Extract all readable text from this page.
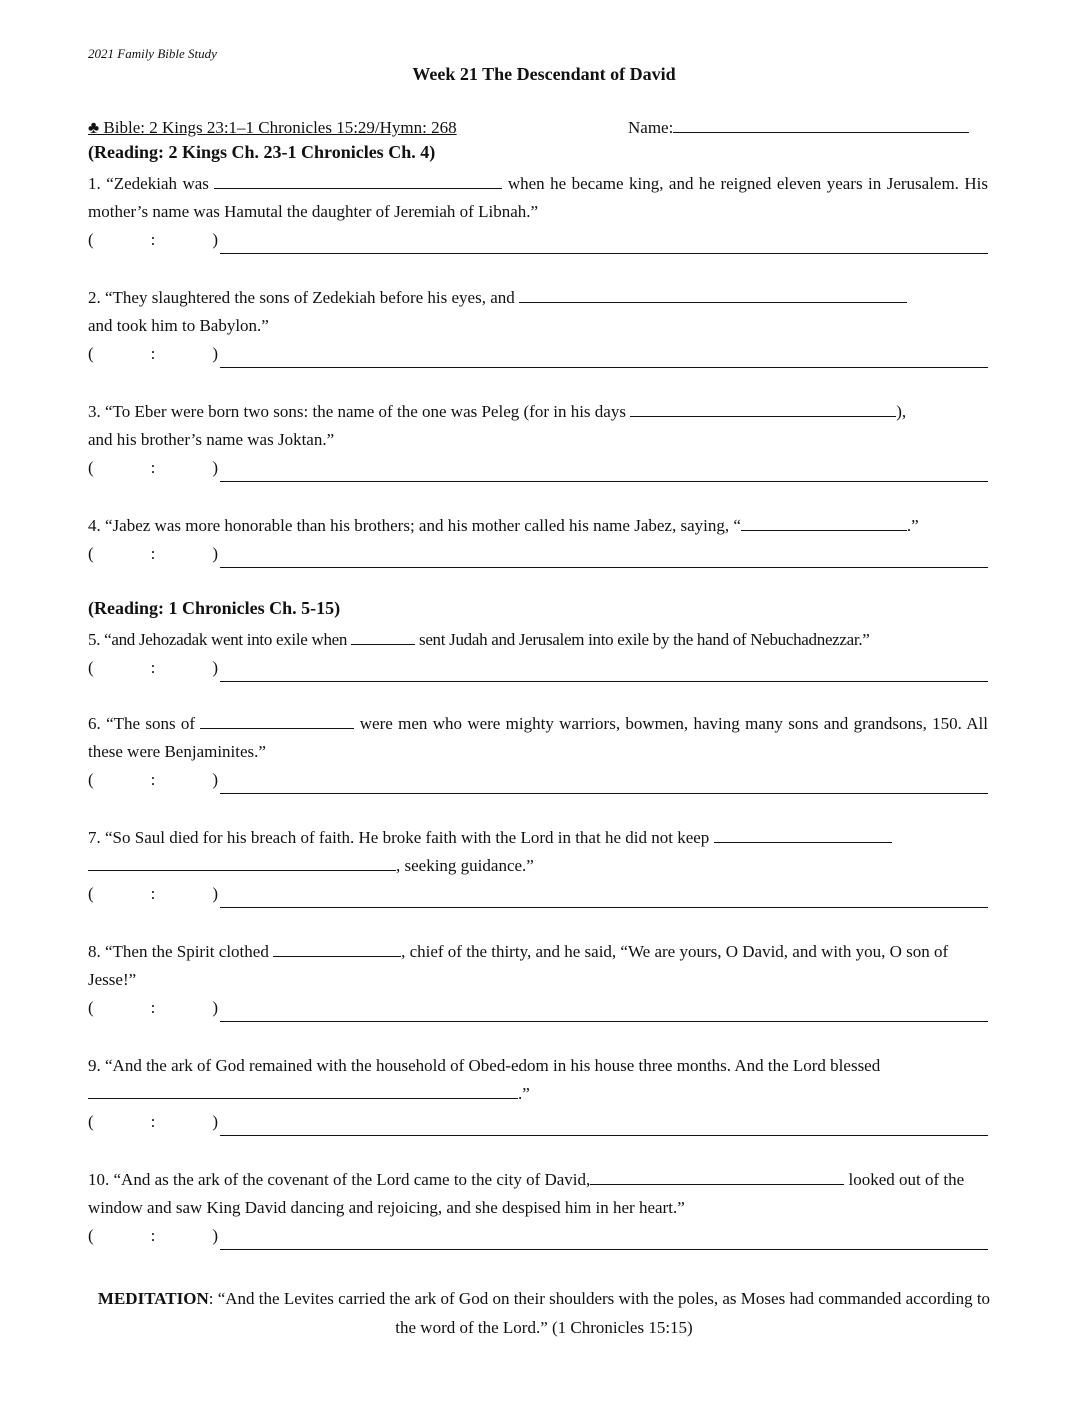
2021 Family Bible Study
Week 21 The Descendant of David
♣ Bible: 2 Kings 23:1–1 Chronicles 15:29/Hymn: 268	Name:
(Reading: 2 Kings Ch. 23-1 Chronicles Ch. 4)
1. “Zedekiah was	when he became king, and he reigned eleven years in Jerusalem. His mother’s name was Hamutal the daughter of Jeremiah of Libnah.”
(	:	)
2. “They slaughtered the sons of Zedekiah before his eyes, and
and took him to Babylon.”
(	:	)
3. “To Eber were born two sons: the name of the one was Peleg (for in his days	),
and his brother’s name was Joktan.”
(	:	)
4. “Jabez was more honorable than his brothers; and his mother called his name Jabez, saying, “	.”
(	:	)
(Reading: 1 Chronicles Ch. 5-15)
5. “and Jehozadak went into exile when	sent Judah and Jerusalem into exile by the hand of Nebuchadnezzar.”
(	:	)
6. “The sons of	were men who were mighty warriors, bowmen, having many sons and grandsons, 150. All these were Benjaminites.”
(	:	)
7. “So Saul died for his breach of faith. He broke faith with the Lord in that he did not keep
, seeking guidance.”
(	:	)
8. “Then the Spirit clothed	, chief of the thirty, and he said, “We are yours, O David, and with you, O son of Jesse!”
(	:	)
9. “And the ark of God remained with the household of Obed-edom in his house three months. And the Lord blessed .”
(	:	)
10. “And as the ark of the covenant of the Lord came to the city of David,	looked out of the window and saw King David dancing and rejoicing, and she despised him in her heart.”
(	:	)
MEDITATION: “And the Levites carried the ark of God on their shoulders with the poles, as Moses had commanded according to the word of the Lord.” (1 Chronicles 15:15)
